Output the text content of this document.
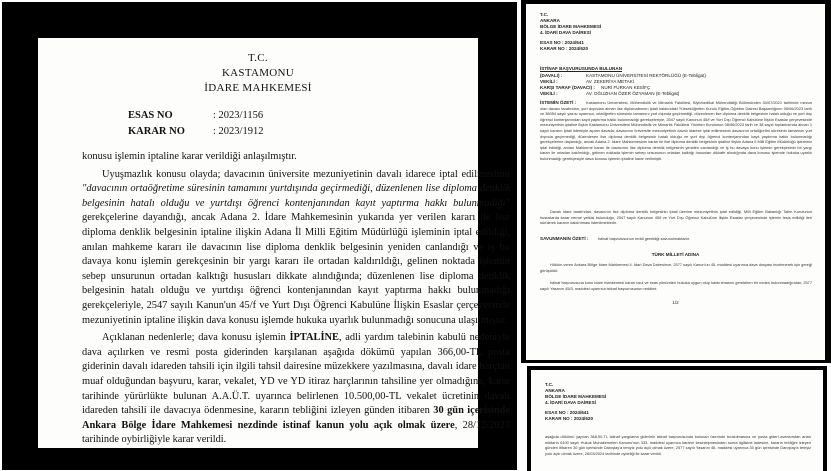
T.C.
KASTAMONU
İDARE MAHKEMESİ
ESAS NO	: 2023/1156
KARAR NO	: 2023/1912

konusu işlemin iptaline karar verildiği anlaşılmıştır.

Uyuşmazlık konusu olayda; davacının üniversite mezuniyetinin davalı idarece iptal edilmesinin "davacının ortaöğretime süresinin tamamını yurtdışında geçirmediği, düzenlenen lise diploma denklik belgesinin hatalı olduğu ve yurtdışı öğrenci kontenjanından kayıt yaptırma hakkı bulunmadığı" gerekçelerine dayandığı, ancak Adana 2. İdare Mahkemesinin yukarıda yer verilen kararı ile lise diploma denklik belgesinin iptaline ilişkin Adana İl Milli Eğitim Müdürlüğü işleminin iptal edildiği, anılan mahkeme kararı ile davacının lise diploma denklik belgesinin yeniden canlandığı ve iş bu davaya konu işlemin gerekçesinin bir yargı kararı ile ortadan kaldırıldığı, gelinen noktada işlemin sebep unsurunun ortadan kalktığı hususları dikkate alındığında; düzenlenen lise diploma denklik belgesinin hatalı olduğu ve yurtdışı öğrenci kontenjanından kayıt yaptırma hakkı bulunmadığı gerekçeleriyle, 2547 sayılı Kanun'un 45/f ve Yurt Dışı Öğrenci Kabulüne İlişkin Esaslar çerçevesinde mezuniyetinin iptaline ilişkin dava konusu işlemde hukuka uyarlık bulunmadığı sonucuna ulaşılmıştır.

Açıklanan nedenlerle; dava konusu işlemin İPTALİNE, adli yardım talebinin kabulü nedeniyle dava açılırken ve resmi posta giderinden karşılanan aşağıda dökümü yapılan 366,00-TL posta giderinin davalı idareden tahsili için ilgili tahsil dairesine müzekkere yazılmasına, davalı idare harçtan muaf olduğundan başvuru, karar, vekalet, YD ve YD itiraz harçlarının tahsiline yer olmadığına, karar tarihinde yürürlükte bulunan A.A.Ü.T. uyarınca belirlenen 10.500,00-TL vekalet ücretinin davalı idareden tahsili ile davacıya ödenmesine, kararın tebliğini izleyen günden itibaren 30 gün içerisinde Ankara Bölge İdare Mahkemesi nezdinde istinaf kanun yolu açık olmak üzere, 28/12/2023 tarihinde oybirliğiyle karar verildi.

T.C.
ANKARA
BÖLGE İDARE MAHKEMESİ
4. İDARİ DAVA DAİRESİ
ESAS NO : 2024/641
KARAR NO : 2024/620
İSTİNAF BAŞVURUSUNDA BULUNAN
(DAVALI) :	KASTAMONU ÜNİVERSİTESİ REKTÖRLÜĞÜ (E-Tebligat)
VEKİLİ :	AV. ZEKERİYA METAKİ
KARŞI TARAF (DAVACI) : NURİ FURKAN KESİFÇ
VEKİLİ :	AV. OĞUZHAN ÖZER ÖZYAMAN (E-Tebligat)
İSTEMİN ÖZETİ :	Kastamonu Üniversitesi, Mühendislik ve Mimarlık Fakültesi, Biyomedikal Mühendisliği Bölümünden 30/07/2021 tarihinde mezun olan davacı tarafından, yurt dışından alınan lise diplomalarının iptali hakkındaki Yükseköğretim Kurulu Eğitim-Öğretim Dairesi Başkanlığının 05/06/2023 tarih ve 38054 sayılı yazısı uyarınca, ortaöğretim süresinin tamamını yurt dışında geçirmediği, düzenlenen lise diploma denklik belgesinin hatalı olduğu ve yurt dışı öğrenci kontenjanından kayıt yaptırma hakkı bulunmadığı gerekçeleriyle, 2547 sayılı Kanunun 45/f ve Yurt Dışı Öğrenci Kabulüne İlişkin Esaslar çerçevesinde mezuniyetinin iptaline ilişkin Kastamonu Üniversitesi Mühendislik ve Mimarlık Fakültesi Yönetim Kurulunun 08/06/2023 tarih ve 38 sayılı toplantısında alınan 1 sayılı kararın iptali istemiyle açılan davada; davacının üniversite mezuniyetinin davalı idarece iptal edilmesinin davacının ortaöğretim süresinin tamamını yurt dışında geçirmediği, düzenlenen lise diploma denklik belgesinin hatalı olduğu ve yurt dışı öğrenci kontenjanından kayıt yaptırma hakkı bulunmadığı gerekçelerine dayandığı, ancak Adana 2. İdare Mahkemesinin kararı ile lise diploma denklik belgesinin iptaline ilişkin Adana İl Milli Eğitim Müdürlüğü işleminin iptal edildiği, anılan Mahkeme kararı ile davacının lise diploma denklik belgesinin yeniden canlandığı ve iş bu davaya konu işlemin gerekçesinin bir yargı kararı ile ortadan kaldırıldığı, gelinen noktada işlemin sebep unsurunun ortadan kalktığı hususları dikkate alındığında dava konusu işlemde hukuka uyarlık bulunmadığı gerekçesiyle dava konusu işlemin iptaline karar verilmiştir.
Davalı idare tarafından, davacının lise diploma denklik belgesinin iptali üzerine mezuniyetinin iptal edildiği, Milli Eğitim Bakanlığı Talim Kurulunun hususlarda karar verme yetkisi bulunduğu, 2547 sayılı Kanunun 45/f ve Yurt Dışı Öğrenci Kabulüne İlişkin Esaslar çerçevesinde işlemin tesis edildiği ileri sürülerek kararın kaldırılması istenilmektedir.
SAVUNMANIN ÖZETİ : İstinaf başvurusunun reddi gerektiği savunulmaktadır.
TÜRK MİLLETİ ADINA
Hüküm veren Ankara Bölge İdare Mahkemesi 4. İdari Dava Dairesince, 2577 sayılı Kanun'un 45. maddesi uyarınca dava dosyası incelenerek işin gereği görüşüldü:
İstinaf başvurusuna konu idare mahkemesi kararı usul ve esas yönünden hukuka uygun olup kaldırılmasını gerektiren bir neden bulunmadığından, 2577 sayılı Yasanın 45/3. maddesi uyarınca istinaf başvurusunun reddine.
1/2
T.C.
ANKARA
BÖLGE İDARE MAHKEMESİ
4. İDARİ DAVA DAİRESİ
ESAS NO : 2024/641
KARAR NO : 2024/620
aşağıda dökümü yapılan 368,90-TL istinaf yargılama giderinin istinaf başvurusunda bulunan üzerinde bırakılmasına ve posta gideri avansından artan miktarın 6100 sayılı Hukuk Muhakemeleri Kanunu'nun 333. maddesi uyarınca kararın kesinleşmesinden sonra ilgilisine iadesine, kararın tebliğini izleyen günden itibaren 30 gün içerisinde Danıştay'a temyiz yolu açık olmak üzere, 2577 sayılı Yasanın 46. maddesi uyarınca 30 gün içerisinde Danıştay'a temyiz yolu açık olmak üzere, 26/03/2024 tarihinde oybirliği ile karar verildi.
